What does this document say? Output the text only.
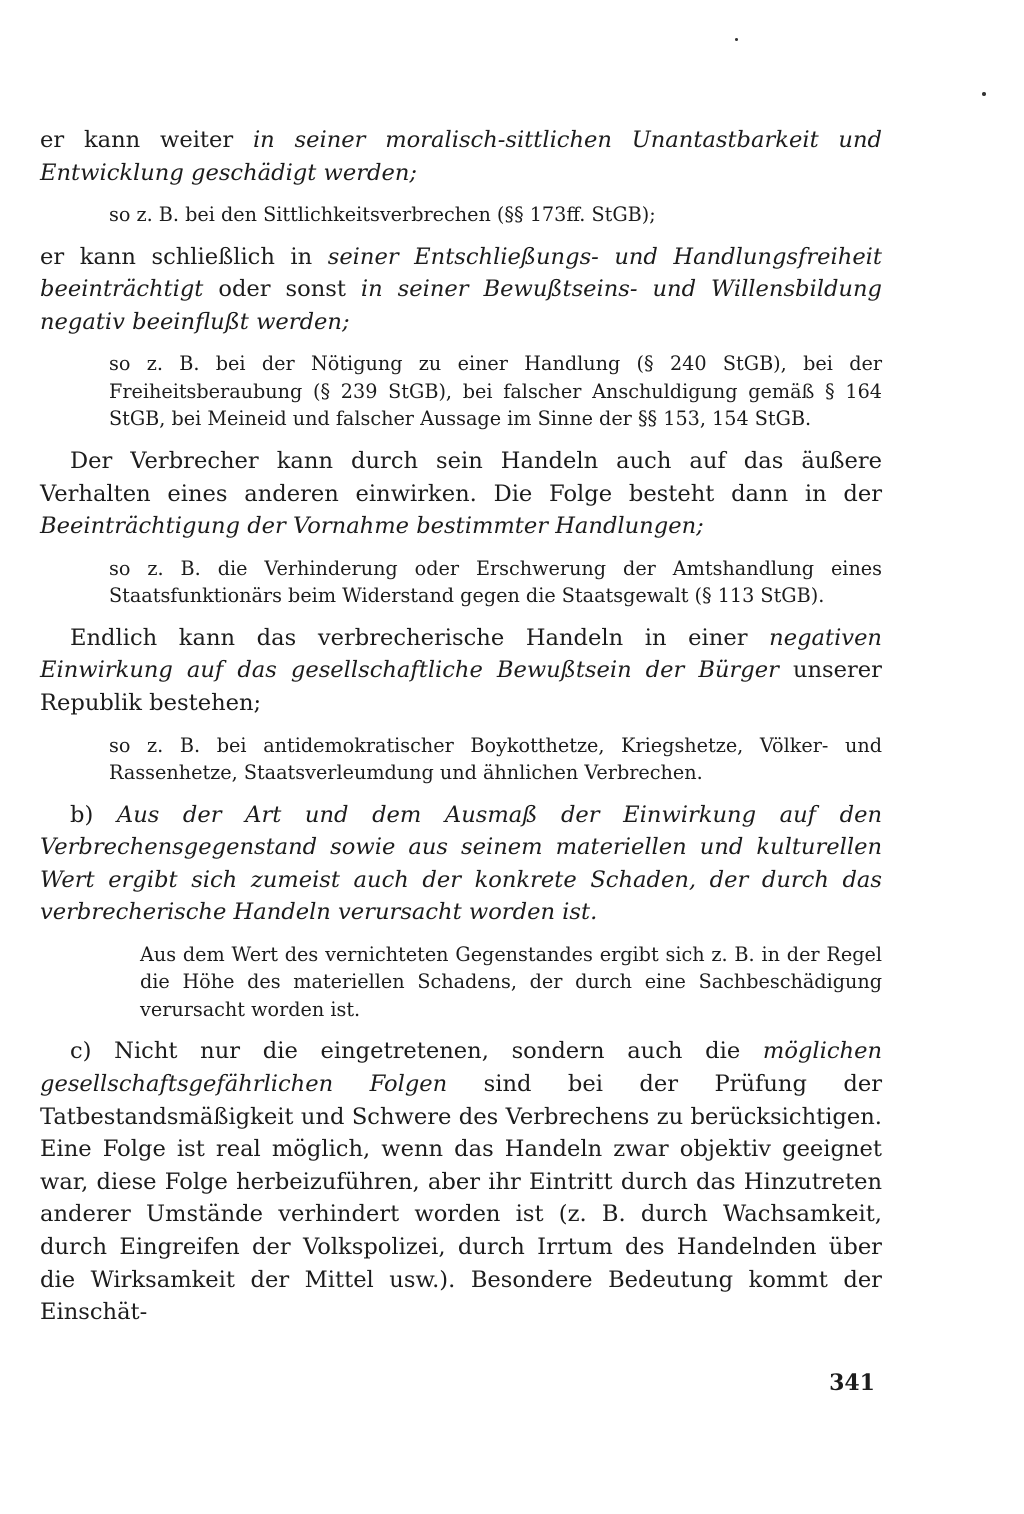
er kann weiter in seiner moralisch-sittlichen Unantastbarkeit und Entwicklung geschädigt werden;

so z. B. bei den Sittlichkeitsverbrechen (§§ 173ff. StGB);

er kann schließlich in seiner Entschließungs- und Handlungsfreiheit beeinträchtigt oder sonst in seiner Bewußtseins- und Willensbildung negativ beeinflußt werden;

so z. B. bei der Nötigung zu einer Handlung (§ 240 StGB), bei der Freiheitsberaubung (§ 239 StGB), bei falscher Anschuldigung gemäß § 164 StGB, bei Meineid und falscher Aussage im Sinne der §§ 153, 154 StGB.

Der Verbrecher kann durch sein Handeln auch auf das äußere Verhalten eines anderen einwirken. Die Folge besteht dann in der Beeinträchtigung der Vornahme bestimmter Handlungen;

so z. B. die Verhinderung oder Erschwerung der Amtshandlung eines Staatsfunktionärs beim Widerstand gegen die Staatsgewalt (§ 113 StGB).

Endlich kann das verbrecherische Handeln in einer negativen Einwirkung auf das gesellschaftliche Bewußtsein der Bürger unserer Republik bestehen;

so z. B. bei antidemokratischer Boykotthetze, Kriegshetze, Völker- und Rassenhetze, Staatsverleumdung und ähnlichen Verbrechen.

b) Aus der Art und dem Ausmaß der Einwirkung auf den Verbrechensgegenstand sowie aus seinem materiellen und kulturellen Wert ergibt sich zumeist auch der konkrete Schaden, der durch das verbrecherische Handeln verursacht worden ist.

Aus dem Wert des vernichteten Gegenstandes ergibt sich z. B. in der Regel die Höhe des materiellen Schadens, der durch eine Sachbeschädigung verursacht worden ist.

c) Nicht nur die eingetretenen, sondern auch die möglichen gesellschaftsgefährlichen Folgen sind bei der Prüfung der Tatbestandsmäßigkeit und Schwere des Verbrechens zu berücksichtigen. Eine Folge ist real möglich, wenn das Handeln zwar objektiv geeignet war, diese Folge herbeizuführen, aber ihr Eintritt durch das Hinzutreten anderer Umstände verhindert worden ist (z. B. durch Wachsamkeit, durch Eingreifen der Volkspolizei, durch Irrtum des Handelnden über die Wirksamkeit der Mittel usw.). Besondere Bedeutung kommt der Einschät-

341
